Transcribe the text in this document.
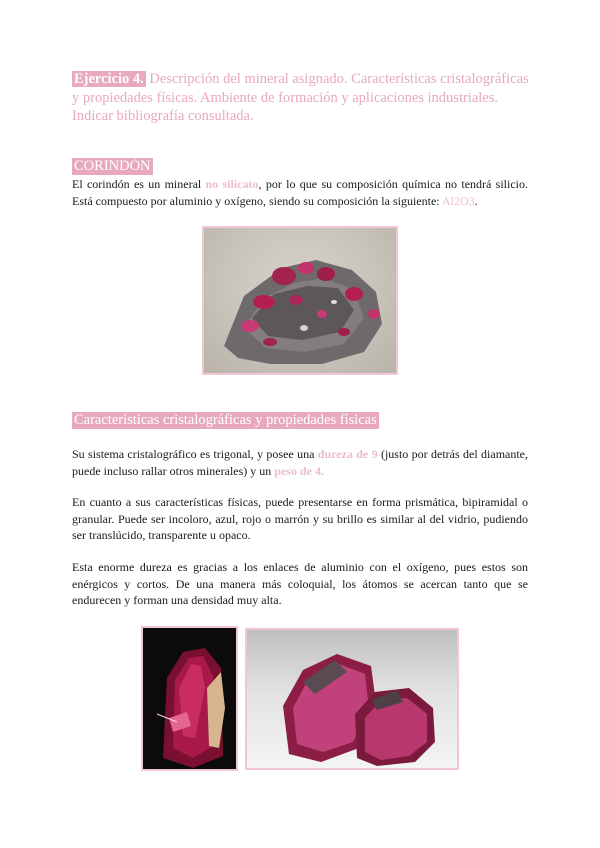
Ejercicio 4. Descripción del mineral asignado. Características cristalográficas y propiedades físicas. Ambiente de formación y aplicaciones industriales. Indicar bibliografía consultada.
CORINDÓN
El corindón es un mineral no silicato, por lo que su composición química no tendrá silicio. Está compuesto por aluminio y oxígeno, siendo su composición la siguiente: Al2O3.
Características cristalográficas y propiedades físicas
Su sistema cristalográfico es trigonal, y posee una dureza de 9 (justo por detrás del diamante, puede incluso rallar otros minerales) y un peso de 4.
En cuanto a sus características físicas, puede presentarse en forma prismática, bipiramidal o granular. Puede ser incoloro, azul, rojo o marrón y su brillo es similar al del vidrio, pudiendo ser translúcido, transparente u opaco.
Esta enorme dureza es gracias a los enlaces de aluminio con el oxígeno, pues estos son enérgicos y cortos. De una manera más coloquial, los átomos se acercan tanto que se endurecen y forman una densidad muy alta.
